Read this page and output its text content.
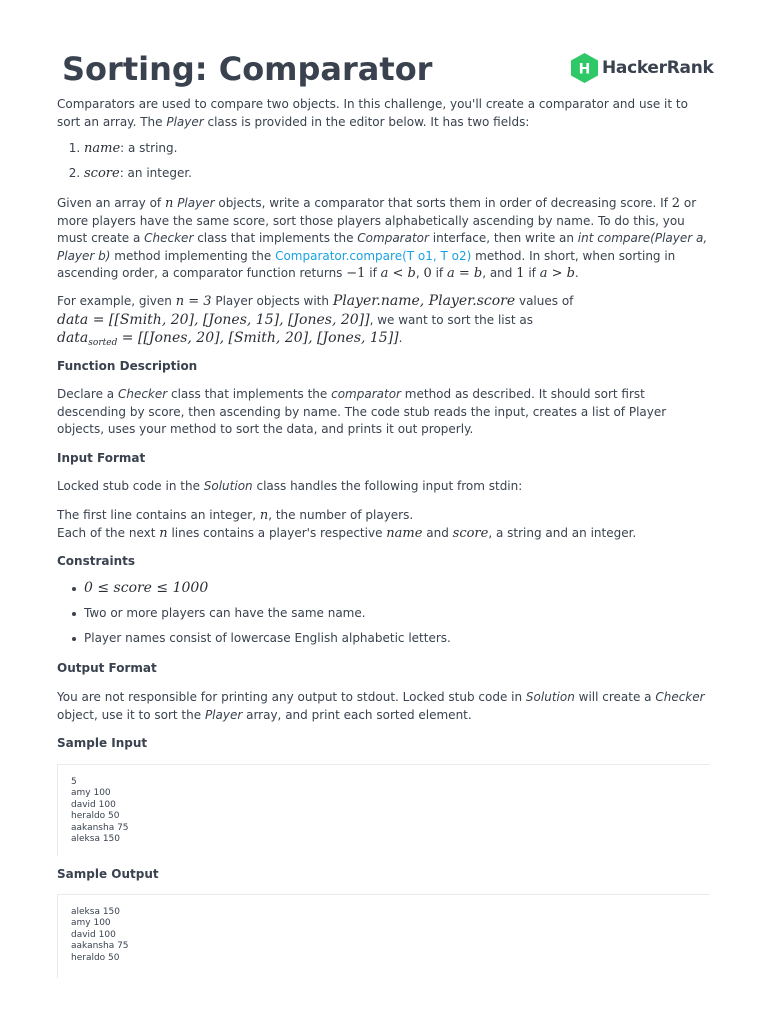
Sorting: Comparator	H HackerRank

Comparators are used to compare two objects. In this challenge, you'll create a comparator and use it to sort an array. The Player class is provided in the editor below. It has two fields:

1. name: a string.
2. score: an integer.

Given an array of n Player objects, write a comparator that sorts them in order of decreasing score. If 2 or more players have the same score, sort those players alphabetically ascending by name. To do this, you must create a Checker class that implements the Comparator interface, then write an int compare(Player a, Player b) method implementing the Comparator.compare(T o1, T o2) method. In short, when sorting in ascending order, a comparator function returns −1 if a < b, 0 if a = b, and 1 if a > b.

For example, given n = 3 Player objects with Player.name, Player.score values of

data = [[Smith, 20], [Jones, 15], [Jones, 20]], we want to sort the list as

data$_{sorted}$ = [[Jones, 20], [Smith, 20], [Jones, 15]].

Function Description

Declare a Checker class that implements the comparator method as described. It should sort first descending by score, then ascending by name. The code stub reads the input, creates a list of Player objects, uses your method to sort the data, and prints it out properly.

Input Format

Locked stub code in the Solution class handles the following input from stdin:

The first line contains an integer, n, the number of players.

Each of the next n lines contains a player's respective name and score, a string and an integer.

Constraints
0 ≤ score ≤ 1000
Two or more players can have the same name.
Player names consist of lowercase English alphabetic letters.
Output Format

You are not responsible for printing any output to stdout. Locked stub code in Solution will create a Checker object, use it to sort the Player array, and print each sorted element.

Sample Input
5
amy 100
david 100
heraldo 50
aakansha 75
aleksa 150
Sample Output
aleksa 150
amy 100
david 100
aakansha 75
heraldo 50
